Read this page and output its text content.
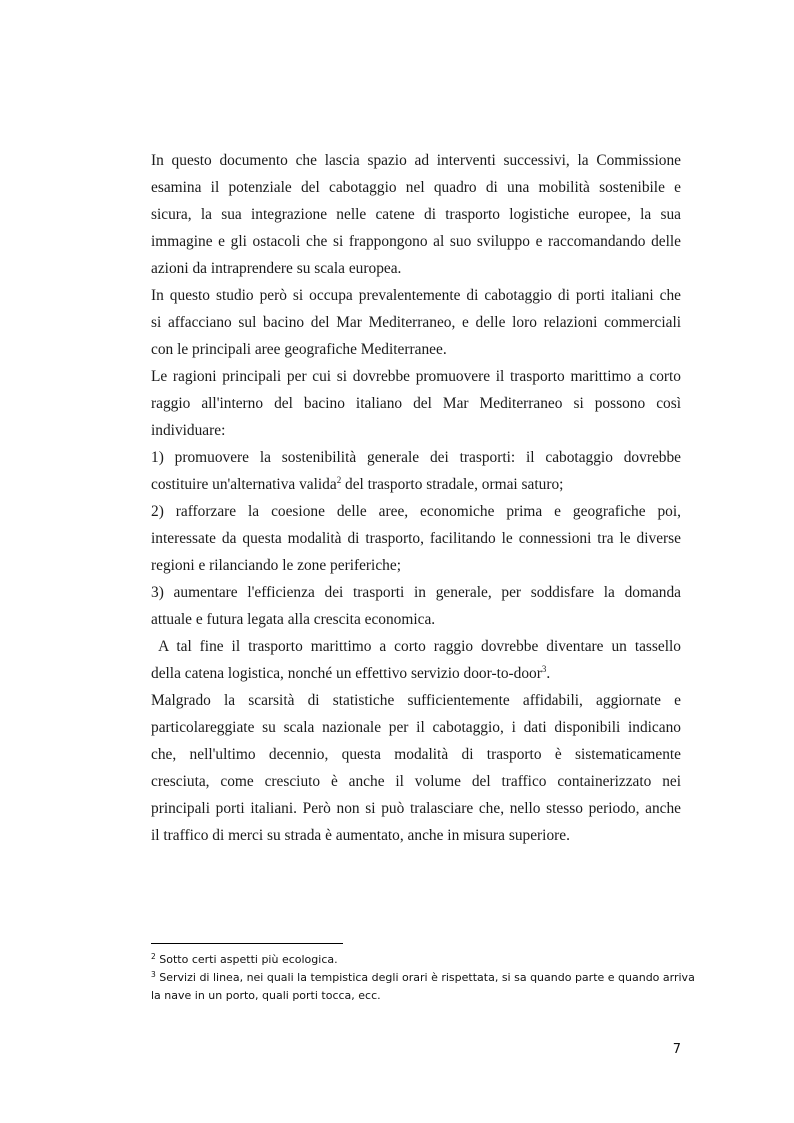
In questo documento che lascia spazio ad interventi successivi, la Commissione
esamina il potenziale del cabotaggio nel quadro di una mobilità sostenibile e
sicura, la sua integrazione nelle catene di trasporto logistiche europee, la sua
immagine e gli ostacoli che si frappongono al suo sviluppo e raccomandando delle
azioni da intraprendere su scala europea.
In questo studio però si occupa prevalentemente di cabotaggio di porti italiani che
si affacciano sul bacino del Mar Mediterraneo, e delle loro relazioni commerciali
con le principali aree geografiche Mediterranee.
Le ragioni principali per cui si dovrebbe promuovere il trasporto marittimo a corto
raggio all'interno del bacino italiano del Mar Mediterraneo si possono così
individuare:
1) promuovere la sostenibilità generale dei trasporti: il cabotaggio dovrebbe
costituire un'alternativa valida$^2$ del trasporto stradale, ormai saturo;
2) rafforzare la coesione delle aree, economiche prima e geografiche poi,
interessate da questa modalità di trasporto, facilitando le connessioni tra le diverse
regioni e rilanciando le zone periferiche;
3) aumentare l'efficienza dei trasporti in generale, per soddisfare la domanda
attuale e futura legata alla crescita economica.
A tal fine il trasporto marittimo a corto raggio dovrebbe diventare un tassello
della catena logistica, nonché un effettivo servizio door-to-door$^3$.
Malgrado la scarsità di statistiche sufficientemente affidabili, aggiornate e
particolareggiate su scala nazionale per il cabotaggio, i dati disponibili indicano
che, nell'ultimo decennio, questa modalità di trasporto è sistematicamente
cresciuta, come cresciuto è anche il volume del traffico containerizzato nei
principali porti italiani. Però non si può tralasciare che, nello stesso periodo, anche
il traffico di merci su strada è aumentato, anche in misura superiore.
$^2$ Sotto certi aspetti più ecologica.
$^3$ Servizi di linea, nei quali la tempistica degli orari è rispettata, si sa quando parte e quando arriva
la nave in un porto, quali porti tocca, ecc.
7
